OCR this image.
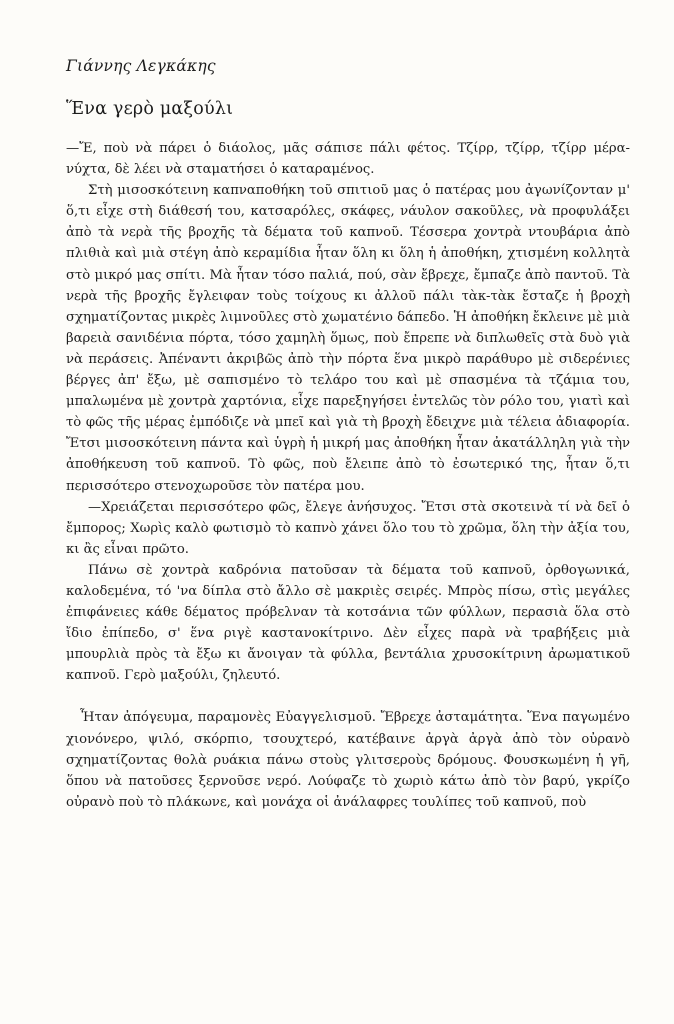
Γιάννης Λεγκάκης
Ἕνα γερὸ μαξούλι

—Ἔ, ποὺ νὰ πάρει ὁ διάολος, μᾶς σάπισε πάλι φέτος. Τζίρρ, τζίρρ, τζίρρ μέρα-νύχτα, δὲ λέει νὰ σταματήσει ὁ καταραμένος.

Στὴ μισοσκότεινη καπναποθήκη τοῦ σπιτιοῦ μας ὁ πατέρας μου ἀγωνίζονταν μ' ὅ,τι εἶχε στὴ διάθεσή του, κατσαρόλες, σκάφες, νάυλον σακοῦλες, νὰ προφυλάξει ἀπὸ τὰ νερὰ τῆς βροχῆς τὰ δέματα τοῦ καπνοῦ. Τέσσερα χοντρὰ ντουβάρια ἀπὸ πλιθιὰ καὶ μιὰ στέγη ἀπὸ κεραμίδια ἦταν ὅλη κι ὅλη ἡ ἀποθήκη, χτισμένη κολλητὰ στὸ μικρό μας σπίτι. Μὰ ἦταν τόσο παλιά, πού, σὰν ἔβρεχε, ἔμπαζε ἀπὸ παντοῦ. Τὰ νερὰ τῆς βροχῆς ἔγλειφαν τοὺς τοίχους κι ἀλλοῦ πάλι τὰκ-τὰκ ἔσταζε ἡ βροχὴ σχηματίζοντας μικρὲς λιμνοῦλες στὸ χωματένιο δάπεδο. Ἡ ἀποθήκη ἔκλεινε μὲ μιὰ βαρειὰ σανιδένια πόρτα, τόσο χαμηλὴ ὅμως, ποὺ ἔπρεπε νὰ διπλωθεῖς στὰ δυὸ γιὰ νὰ περάσεις. Ἀπέναντι ἀκριβῶς ἀπὸ τὴν πόρτα ἕνα μικρὸ παράθυρο μὲ σιδερένιες βέργες ἀπ' ἔξω, μὲ σαπισμένο τὸ τελάρο του καὶ μὲ σπασμένα τὰ τζάμια του, μπαλωμένα μὲ χοντρὰ χαρτόνια, εἶχε παρεξηγήσει ἐντελῶς τὸν ρόλο του, γιατὶ καὶ τὸ φῶς τῆς μέρας ἐμπόδιζε νὰ μπεῖ καὶ γιὰ τὴ βροχὴ ἔδειχνε μιὰ τέλεια ἀδιαφορία. Ἔτσι μισοσκότεινη πάντα καὶ ὑγρὴ ἡ μικρή μας ἀποθήκη ἦταν ἀκατάλληλη γιὰ τὴν ἀποθήκευση τοῦ καπνοῦ. Τὸ φῶς, ποὺ ἔλειπε ἀπὸ τὸ ἐσωτερικό της, ἦταν ὅ,τι περισσότερο στενοχωροῦσε τὸν πατέρα μου.

—Χρειάζεται περισσότερο φῶς, ἔλεγε ἀνήσυχος. Ἔτσι στὰ σκοτεινὰ τί νὰ δεῖ ὁ ἔμπορος; Χωρὶς καλὸ φωτισμὸ τὸ καπνὸ χάνει ὅλο του τὸ χρῶμα, ὅλη τὴν ἀξία του, κι ἂς εἶναι πρῶτο.

Πάνω σὲ χοντρὰ καδρόνια πατοῦσαν τὰ δέματα τοῦ καπνοῦ, ὀρθογωνικά, καλοδεμένα, τό 'να δίπλα στὸ ἄλλο σὲ μακριὲς σειρές. Μπρὸς πίσω, στὶς μεγάλες ἐπιφάνειες κάθε δέματος πρόβελναν τὰ κοτσάνια τῶν φύλλων, περασιὰ ὅλα στὸ ἴδιο ἐπίπεδο, σ' ἕνα ριγὲ καστανοκίτρινο. Δὲν εἶχες παρὰ νὰ τραβήξεις μιὰ μπουρλιὰ πρὸς τὰ ἔξω κι ἄνοιγαν τὰ φύλλα, βεντάλια χρυσοκίτρινη ἀρωματικοῦ καπνοῦ. Γερὸ μαξούλι, ζηλευτό.

Ἦταν ἀπόγευμα, παραμονὲς Εὐαγγελισμοῦ. Ἔβρεχε ἀσταμάτητα. Ἕνα παγωμένο χιονόνερο, ψιλό, σκόρπιο, τσουχτερό, κατέβαινε ἀργὰ ἀργὰ ἀπὸ τὸν οὐρανὸ σχηματίζοντας θολὰ ρυάκια πάνω στοὺς γλιτσεροὺς δρόμους. Φουσκωμένη ἡ γῆ, ὅπου νὰ πατοῦσες ξερνοῦσε νερό. Λούφαζε τὸ χωριὸ κάτω ἀπὸ τὸν βαρύ, γκρίζο οὐρανὸ ποὺ τὸ πλάκωνε, καὶ μονάχα οἱ ἀνάλαφρες τουλίπες τοῦ καπνοῦ, ποὺ
